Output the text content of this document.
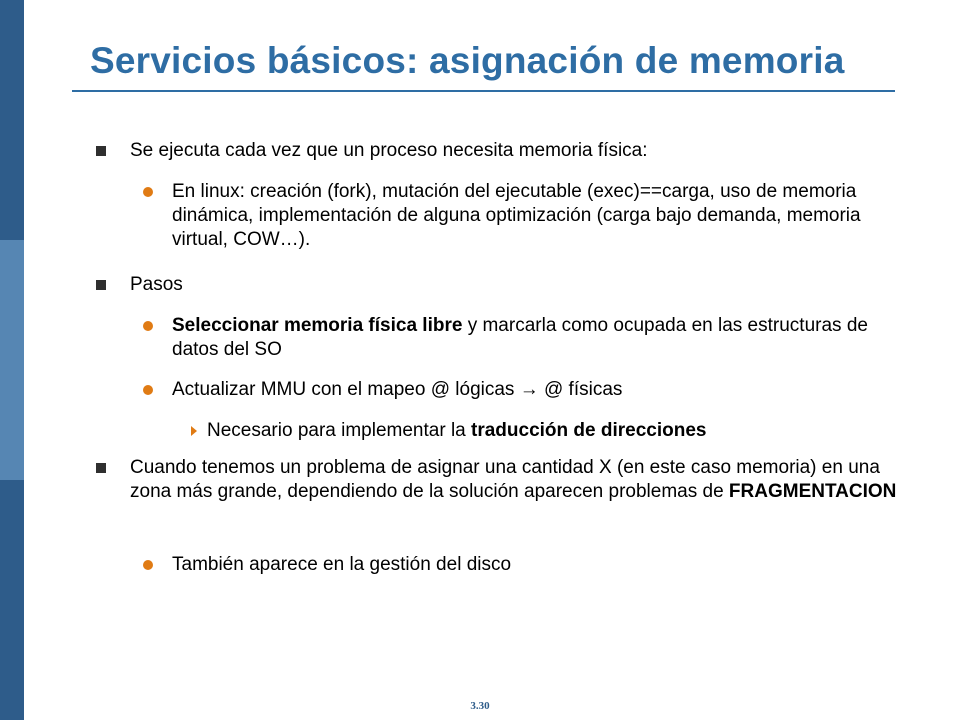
Servicios básicos: asignación de memoria
Se ejecuta cada vez que un proceso necesita memoria física:
En linux: creación (fork), mutación del ejecutable (exec)==carga, uso de memoria dinámica, implementación de alguna optimización (carga bajo demanda, memoria virtual, COW…).
Pasos
Seleccionar memoria física libre y marcarla como ocupada en las estructuras de datos del SO
Actualizar MMU con el mapeo @ lógicas → @ físicas
Necesario para implementar la traducción de direcciones
Cuando tenemos un problema de asignar una cantidad X (en este caso memoria) en una zona más grande, dependiendo de la solución aparecen problemas de FRAGMENTACION
También aparece en la gestión del disco
3.30
